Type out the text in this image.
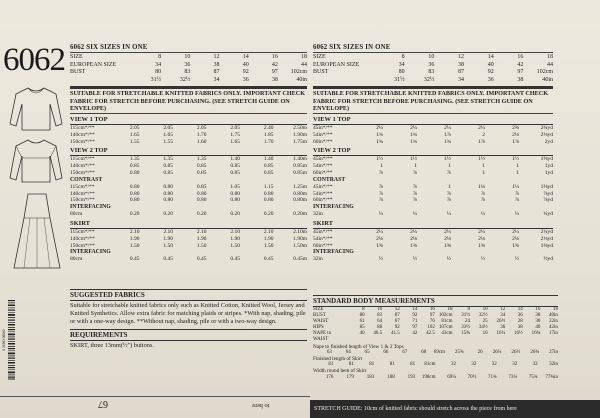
6062
0 39363 06062
6062 SIX SIZES IN ONE
SIZE	8	10	12	14	16	18
EUROPEAN SIZE	34	36	38	40	42	44
BUST	80	83	87	92	97	102cm
31½	32½	34	36	38	40in
SUITABLE FOR STRETCHABLE KNITTED FABRICS ONLY. IMPORTANT CHECK FABRIC FOR STRETCH BEFORE PURCHASING. (SEE STRETCH GUIDE ON ENVELOPE)
VIEW 1 TOP
115cm*/**	2.05	2.05	2.05	2.05	2.40	2.50m
140cm*/**	1.65	1.65	1.70	1.75	1.85	1.90m
150cm*/**	1.55	1.55	1.60	1.65	1.70	1.75m
VIEW 2 TOP
115cm*/**	1.35	1.35	1.35	1.40	1.40	1.40m
140cm*/**	0.85	0.85	0.85	0.85	0.85	0.85m
150cm*/**	0.80	0.85	0.85	0.85	0.85	0.85m
CONTRAST
115cm*/**	0.80	0.80	0.85	1.05	1.15	1.25m
140cm*/**	0.80	0.80	0.80	0.80	0.80	0.80m
150cm*/**	0.80	0.80	0.80	0.80	0.80	0.80m
INTERFACING
80cm	0.20	0.20	0.20	0.20	0.20	0.20m
SKIRT
115cm*/**	2.10	2.10	2.10	2.10	2.10	2.10m
140cm*/**	1.90	1.90	1.90	1.90	1.90	1.90m
150cm*/**	1.50	1.50	1.50	1.50	1.50	1.50m
INTERFACING
80cm	0.45	0.45	0.45	0.45	0.45	0.45m
SUGGESTED FABRICS

Suitable for stretchable knitted fabrics only such as Knitted Cotton, Knitted Wool, Jersey and Knitted Synthetics. Allow extra fabric for matching plaids or stripes. *With nap, shading, pile or with a one-way design. **Without nap, shading, pile or with a two-way design.

REQUIREMENTS

SKIRT, three 13mm(½") buttons.

6062 SIX SIZES IN ONE
SIZE	8	10	12	14	16	18
EUROPEAN SIZE	34	36	38	40	42	44
BUST	80	83	87	92	97	102cm
31½	32½	34	36	38	40in
SUITABLE FOR STRETCHABLE KNITTED FABRICS ONLY. IMPORTANT CHECK FABRIC FOR STRETCH BEFORE PURCHASING. (SEE STRETCH GUIDE ON ENVELOPE)
VIEW 1 TOP
45in*/**	2¼	2¼	2¼	2¼	2⅝	2¾yd
54in*/**	1¾	1¾	1⅞	2	2⅛	2⅛yd
60in*/**	1¾	1¾	1¾	1⅞	1⅞	2yd
VIEW 2 TOP
45in*/**	1½	1½	1½	1½	1½	1⅝yd
54in*/**	1	1	1	1	1	1yd
60in*/**	⅞	⅞	⅞	1	1	1yd
CONTRAST
45in*/**	⅞	⅞	1	1⅛	1¼	1⅜yd
54in*/**	⅞	⅞	⅞	⅞	⅞	⅞yd
60in*/**	⅞	⅞	⅞	⅞	⅞	⅞yd
INTERFACING
32in	¼	¼	¼	¼	¼	¼yd
SKIRT
45in*/**	2¼	2¼	2¼	2¼	2¼	2¼yd
54in*/**	2⅛	2⅛	2⅛	2⅛	2⅛	2⅛yd
60in*/**	1⅝	1⅝	1⅝	1⅝	1⅝	1⅝yd
INTERFACING
32in	½	½	½	½	½	½yd
STANDARD BODY MEASUREMENTS
SIZE	8	10	12	14	16	18	8	10	12	14	16	18
BUST	80	83	87	92	97 102cm	31½	32½	34	36	38	40in
WAIST	61	64	67	71	76	81cm	24	25	26½	28	30	32in
HIPS	85	88	92	97	102 107cm	33½	34½	36	38	40	42in
NAPE to WAIST
40	40.5	41.5	42	42.5	43cm	15¾	16	16¼	16½	16¾	17in
Nape to finished length of View 1 & 2 Tops
63	64	65	66	67	68	69cm	25¾	26	26¼	26½	26¾	27in
Finished length of Skirt
81	81	81	81	81	81cm	32	32	32	32	32	32in
Width round hem of Skirt
176	179	183	188	193	198cm	69¼	70½	71¾	73¼	75¾	77¾in
67	to here	STRETCH GUIDE: 10cm of knitted fabric should stretch across the piece from here
